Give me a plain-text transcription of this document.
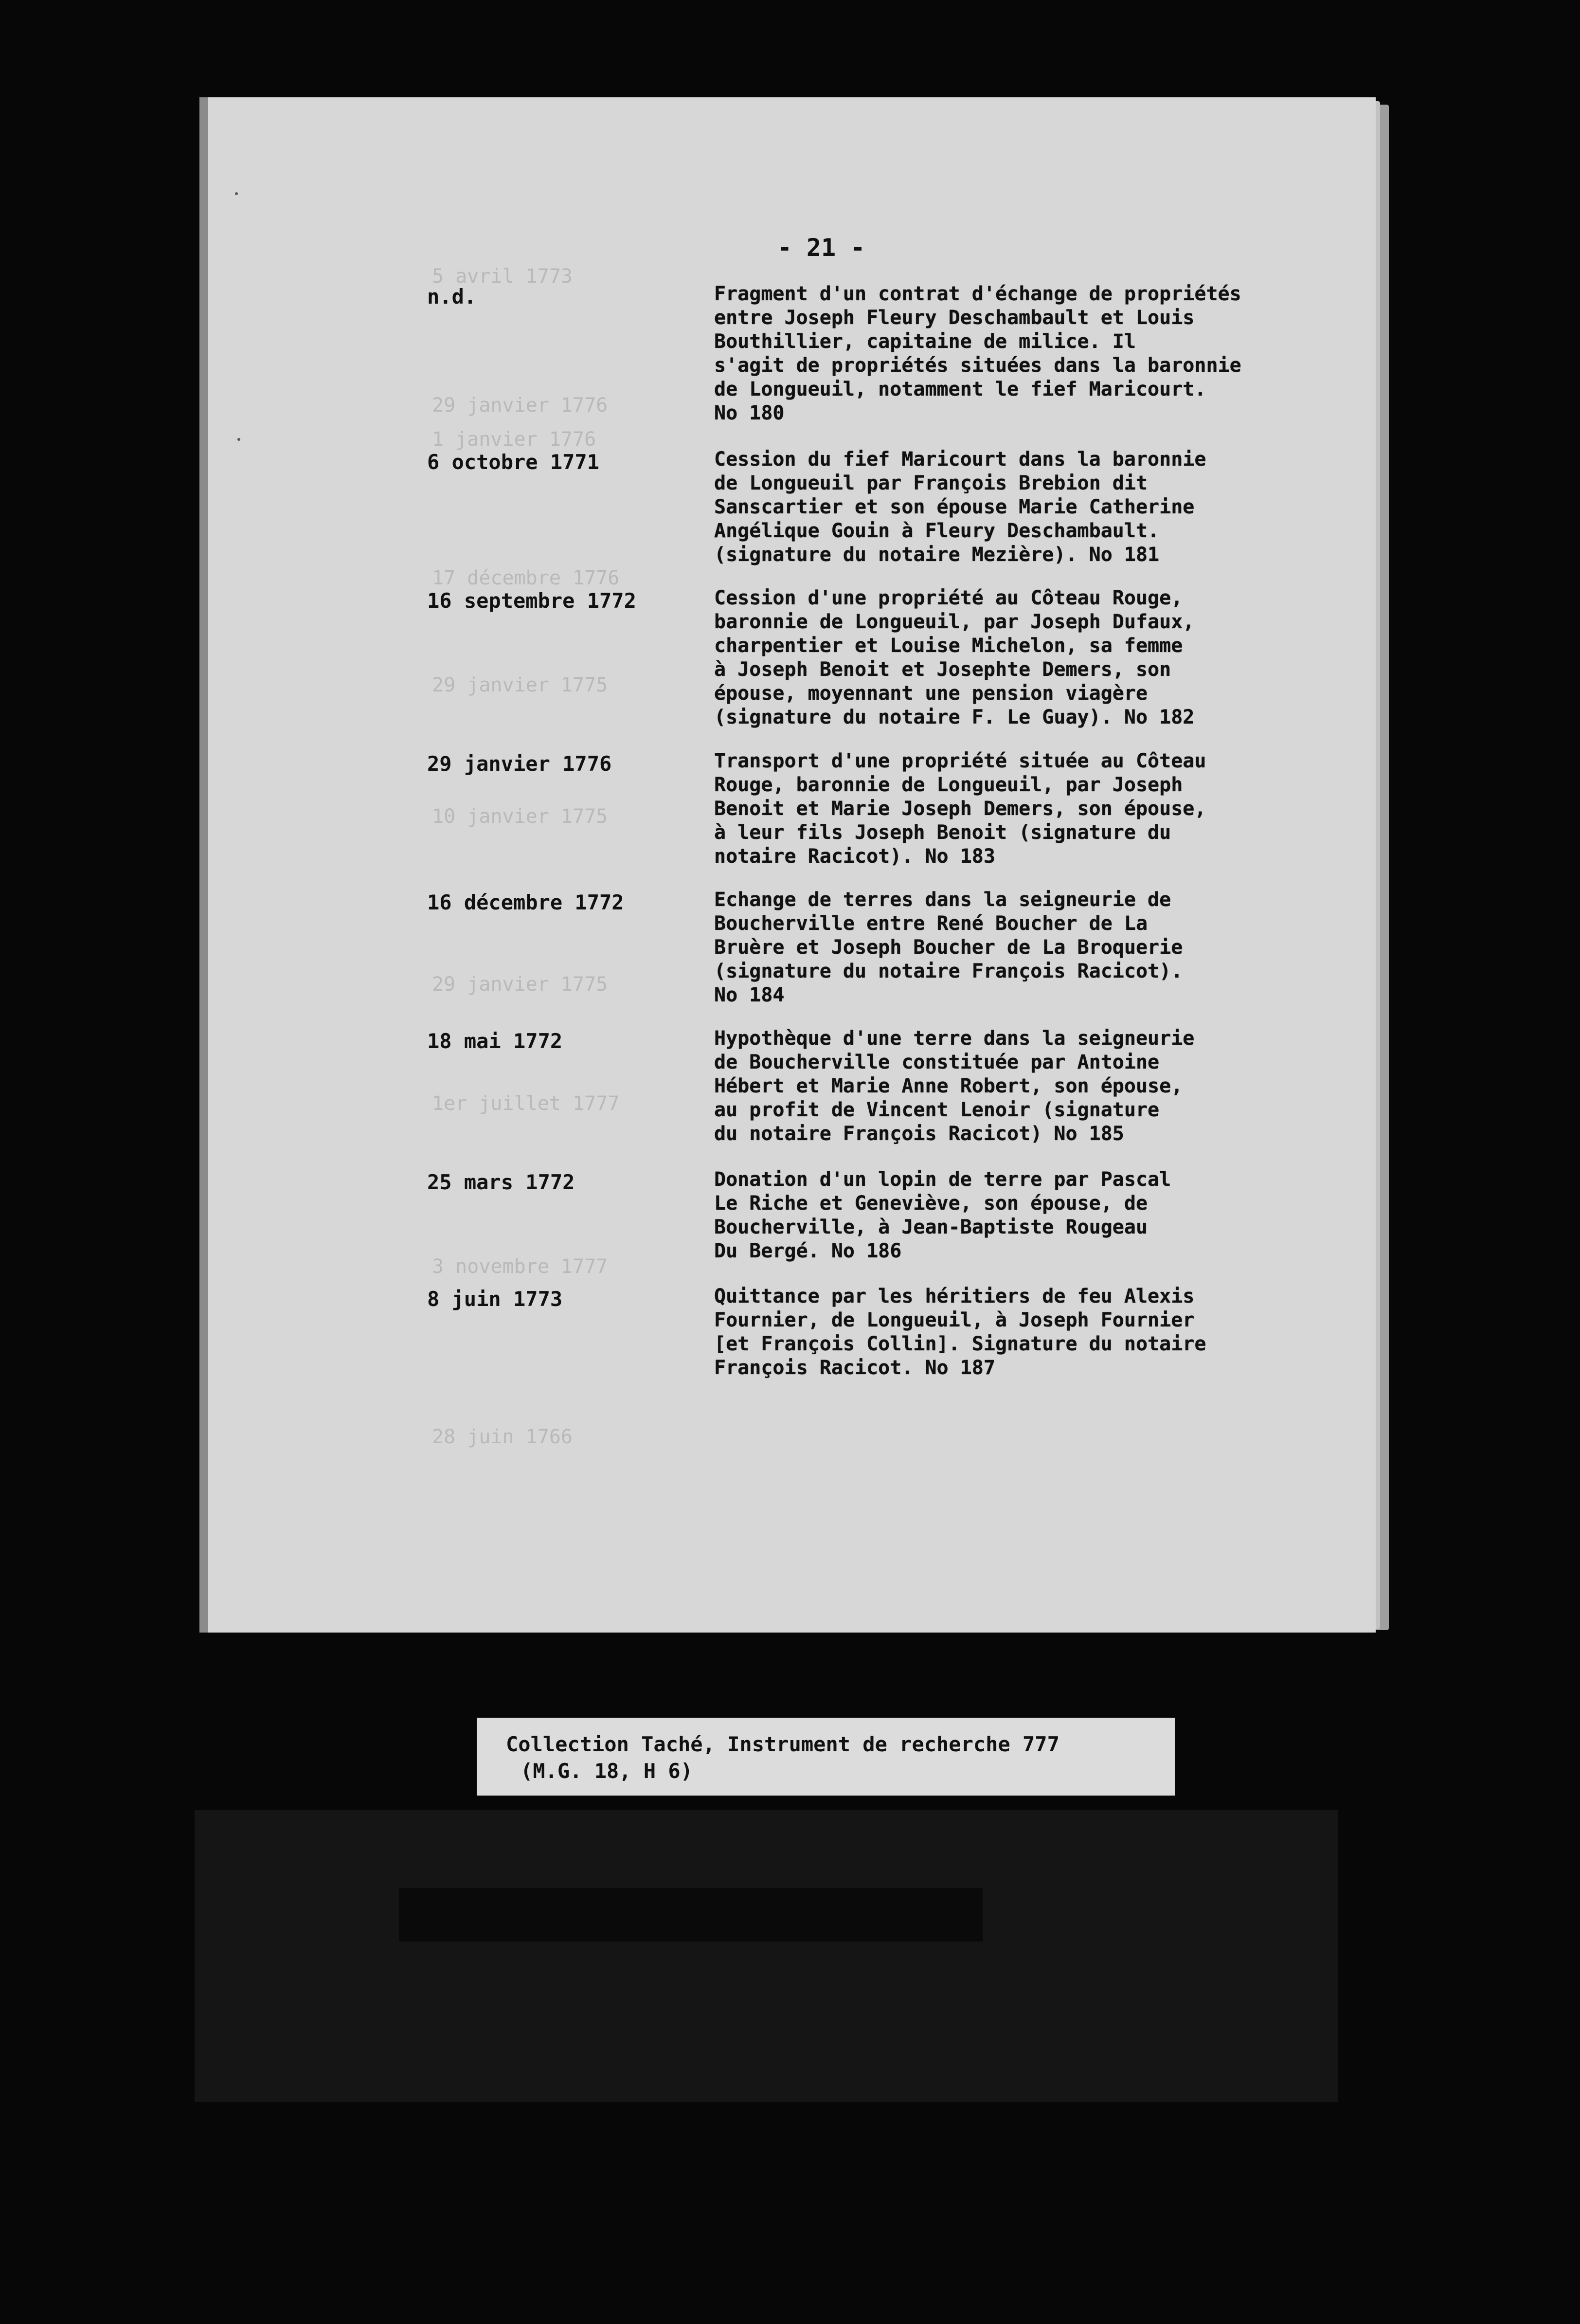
- 21 -
5 avril 1773
29 janvier 1776
1 janvier 1776
17 décembre 1776
29 janvier 1775
10 janvier 1775
29 janvier 1775
1er juillet 1777
3 novembre 1777
28 juin 1766
n.d.	Fragment d'un contrat d'échange de propriétés
entre Joseph Fleury Deschambault et Louis
Bouthillier, capitaine de milice. Il
s'agit de propriétés situées dans la baronnie
de Longueuil, notamment le fief Maricourt.
No 180
6 octobre 1771	Cession du fief Maricourt dans la baronnie
de Longueuil par François Brebion dit
Sanscartier et son épouse Marie Catherine
Angélique Gouin à Fleury Deschambault.
(signature du notaire Mezière). No 181
16 septembre 1772	Cession d'une propriété au Côteau Rouge,
baronnie de Longueuil, par Joseph Dufaux,
charpentier et Louise Michelon, sa femme
à Joseph Benoit et Josephte Demers, son
épouse, moyennant une pension viagère
(signature du notaire F. Le Guay). No 182
29 janvier 1776	Transport d'une propriété située au Côteau
Rouge, baronnie de Longueuil, par Joseph
Benoit et Marie Joseph Demers, son épouse,
à leur fils Joseph Benoit (signature du
notaire Racicot). No 183
16 décembre 1772	Echange de terres dans la seigneurie de
Boucherville entre René Boucher de La
Bruère et Joseph Boucher de La Broquerie
(signature du notaire François Racicot).
No 184
18 mai 1772	Hypothèque d'une terre dans la seigneurie
de Boucherville constituée par Antoine
Hébert et Marie Anne Robert, son épouse,
au profit de Vincent Lenoir (signature
du notaire François Racicot) No 185
25 mars 1772	Donation d'un lopin de terre par Pascal
Le Riche et Geneviève, son épouse, de
Boucherville, à Jean-Baptiste Rougeau
Du Bergé. No 186
8 juin 1773	Quittance par les héritiers de feu Alexis
Fournier, de Longueuil, à Joseph Fournier
[et François Collin]. Signature du notaire
François Racicot. No 187
Collection Taché, Instrument de recherche 777
(M.G. 18, H 6)
